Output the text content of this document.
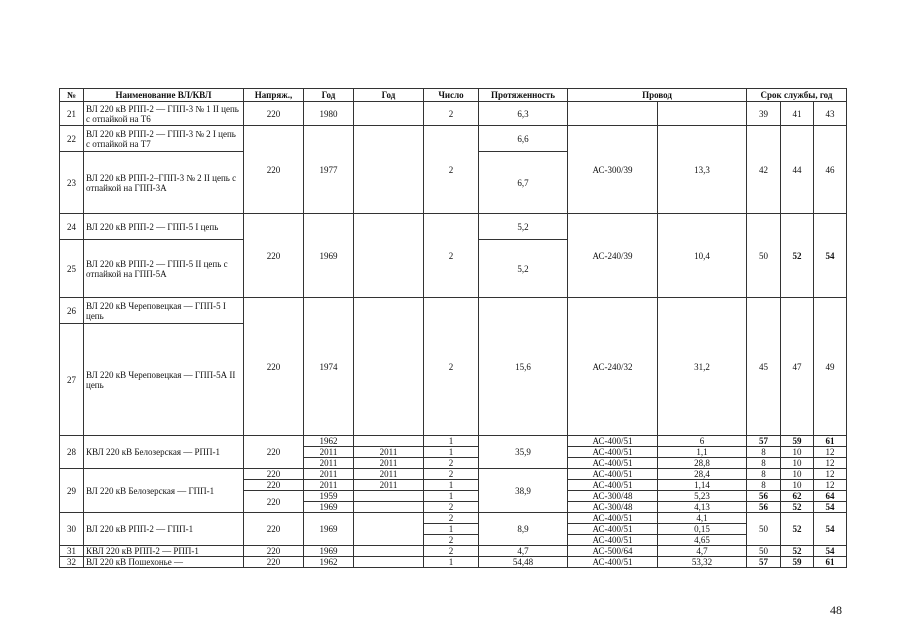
№	Наименование ВЛ/КВЛ	Напряж.,	Год	Год	Число	Протяженность	Провод		Срок службы, год		
21	ВЛ 220 кВ РПП-2 — ГПП-3 № 1 II цепь с отпайкой на Т6	220	1980		2	6,3			39	41	43
22	ВЛ 220 кВ РПП-2 — ГПП-3 № 2 I цепь с отпайкой на Т7	220	1977		2	6,6	АС-300/39	13,3	42	44	46
23	ВЛ 220 кВ РПП-2–ГПП-3 № 2 II цепь с отпайкой на ГПП-3А					6,7					
24	ВЛ 220 кВ РПП-2 — ГПП-5 I цепь	220	1969		2	5,2	АС-240/39	10,4	50	52	54
25	ВЛ 220 кВ РПП-2 — ГПП-5 II цепь с отпайкой на ГПП-5А					5,2					
26	ВЛ 220 кВ Череповецкая — ГПП-5 I цепь	220	1974		2	15,6	АС-240/32	31,2	45	47	49
27	ВЛ 220 кВ Череповецкая — ГПП-5А II цепь										
28	КВЛ 220 кВ Белозерская — РПП-1	220	1962		1	35,9	АС-400/51	6	57	59	61
			2011	2011	1		АС-400/51	1,1	8	10	12
			2011	2011	2		АС-400/51	28,8	8	10	12
29	ВЛ 220 кВ Белозерская — ГПП-1	220	2011	2011	2	38,9	АС-400/51	28,4	8	10	12
		220	2011	2011	1		АС-400/51	1,14	8	10	12
		220	1959		1		АС-300/48	5,23	56	62	64
			1969		2		АС-300/48	4,13	56	52	54
30	ВЛ 220 кВ РПП-2 — ГПП-1	220	1969		2	8,9	АС-400/51	4,1	50	52	54
					1		АС-400/51	0,15			
					2		АС-400/51	4,65			
31	КВЛ 220 кВ РПП-2 — РПП-1	220	1969		2	4,7	АС-500/64	4,7	50	52	54
32	ВЛ 220 кВ Пошехонье —	220	1962		1	54,48	АС-400/51	53,32	57	59	61
48
